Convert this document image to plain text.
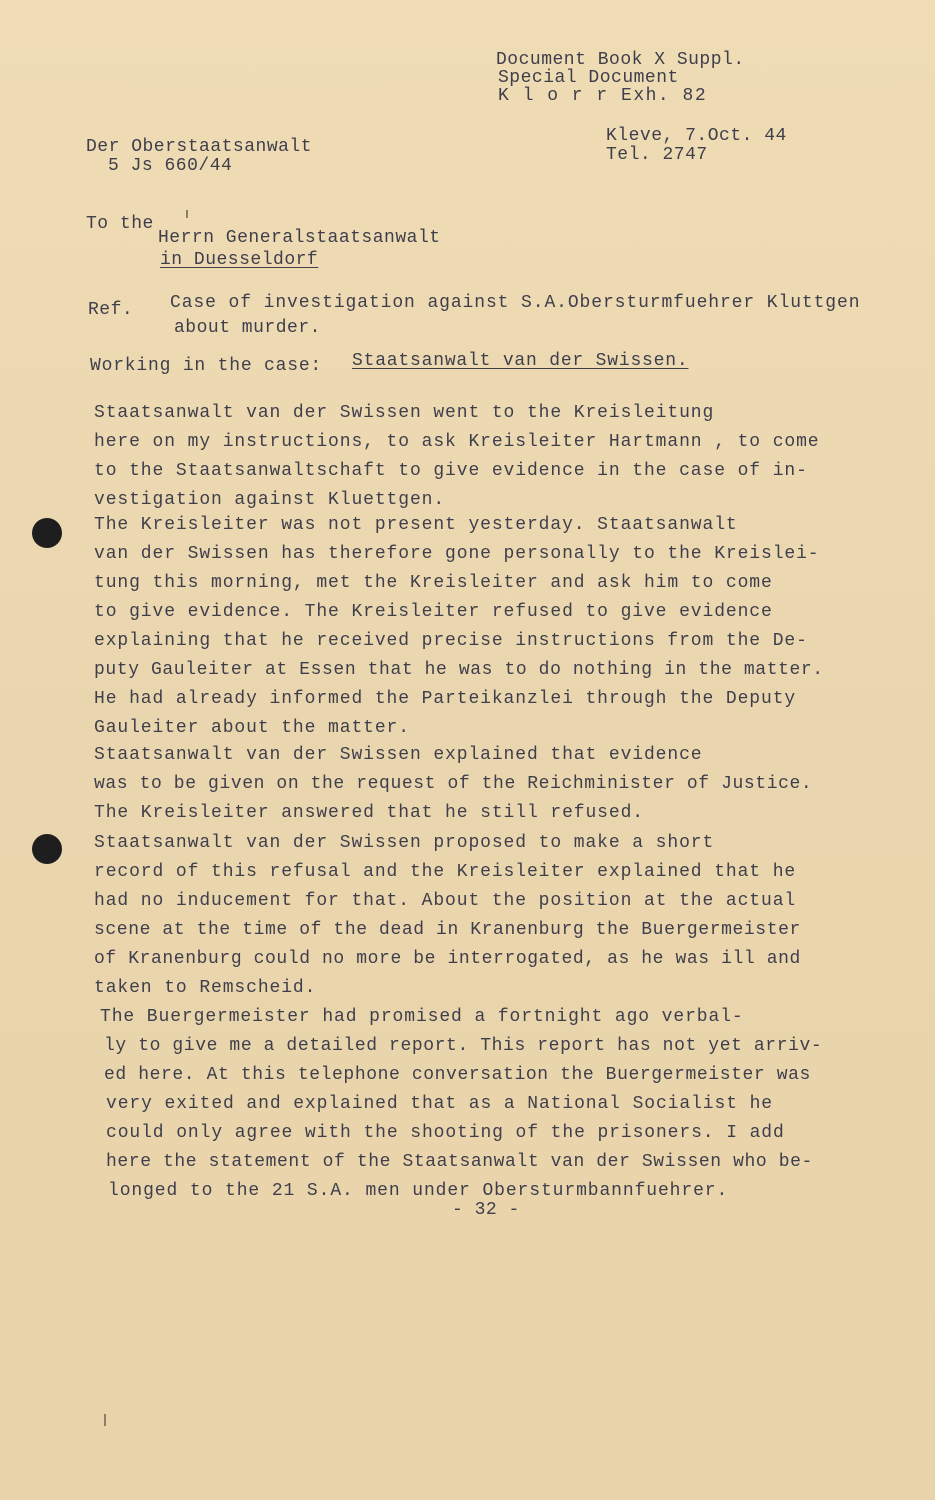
Document Book X Suppl.
Special Document
K l o r r Exh. 82
Der Oberstaatsanwalt
5 Js 660/44
Kleve, 7.Oct. 44
Tel. 2747
To the
Herrn Generalstaatsanwalt
in Duesseldorf
Ref. Case of investigation against S.A.Obersturmfuehrer Kluttgen
about murder.
Working in the case: Staatsanwalt van der Swissen.
Staatsanwalt van der Swissen went to the Kreisleitung
here on my instructions, to ask Kreisleiter Hartmann , to come
to the Staatsanwaltschaft to give evidence in the case of in-
vestigation against Kluettgen.
The Kreisleiter was not present yesterday. Staatsanwalt
van der Swissen has therefore gone personally to the Kreislei-
tung this morning, met the Kreisleiter and ask him to come
to give evidence. The Kreisleiter refused to give evidence
explaining that he received precise instructions from the De-
puty Gauleiter at Essen that he was to do nothing in the matter.
He had already informed the Parteikanzlei through the Deputy
Gauleiter about the matter.
Staatsanwalt van der Swissen explained that evidence
was to be given on the request of the Reichminister of Justice.
The Kreisleiter answered that he still refused.
Staatsanwalt van der Swissen proposed to make a short
record of this refusal and the Kreisleiter explained that he
had no inducement for that. About the position at the actual
scene at the time of the dead in Kranenburg the Buergermeister
of Kranenburg could no more be interrogated, as he was ill and
taken to Remscheid.
The Buergermeister had promised a fortnight ago verbal-
ly to give me a detailed report. This report has not yet arriv-
ed here. At this telephone conversation the Buergermeister was
very exited and explained that as a National Socialist he
could only agree with the shooting of the prisoners. I add
here the statement of the Staatsanwalt van der Swissen who be-
longed to the 21 S.A. men under Obersturmbannfuehrer.
- 32 -
